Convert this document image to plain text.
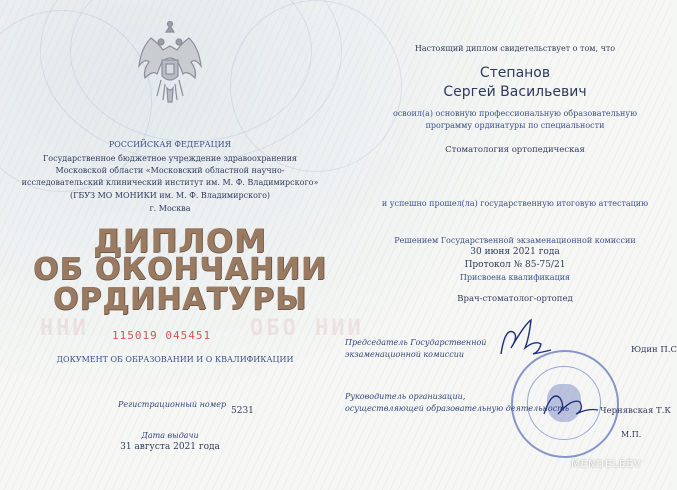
РОССИЙСКАЯ ФЕДЕРАЦИЯ
Государственное бюджетное учреждение здравоохранения
Московской области «Московский областной научно-
исследовательский клинический институт им. М. Ф. Владимирского»
(ГБУЗ МО МОНИКИ им. М. Ф. Владимирского)
г. Москва
ДИПЛОМ
ОБ ОКОНЧАНИИ
ОРДИНАТУРЫ
ННИ	ОБО НИИ
115019 045451
ДОКУМЕНТ ОБ ОБРАЗОВАНИИ И О КВАЛИФИКАЦИИ
Регистрационный номер
5231
Дата выдачи
31 августа 2021 года
Настоящий диплом свидетельствует о том, что
Степанов
Сергей Васильевич
освоил(а) основную профессиональную образовательную
программу ординатуры по специальности
Стоматология ортопедическая
и успешно прошел(ла) государственную итоговую аттестацию
Решением Государственной экзаменационной комиссии
30 июня 2021 года
Протокол № 85-75/21
Присвоена квалификация
Врач-стоматолог-ортопед
Председатель Государственной
экзаменационной комиссии	Юдин П.С
Руководитель организации,
осуществляющей образовательную деятельность	Чернявская Т.К
М.П.
MENDELEEV
